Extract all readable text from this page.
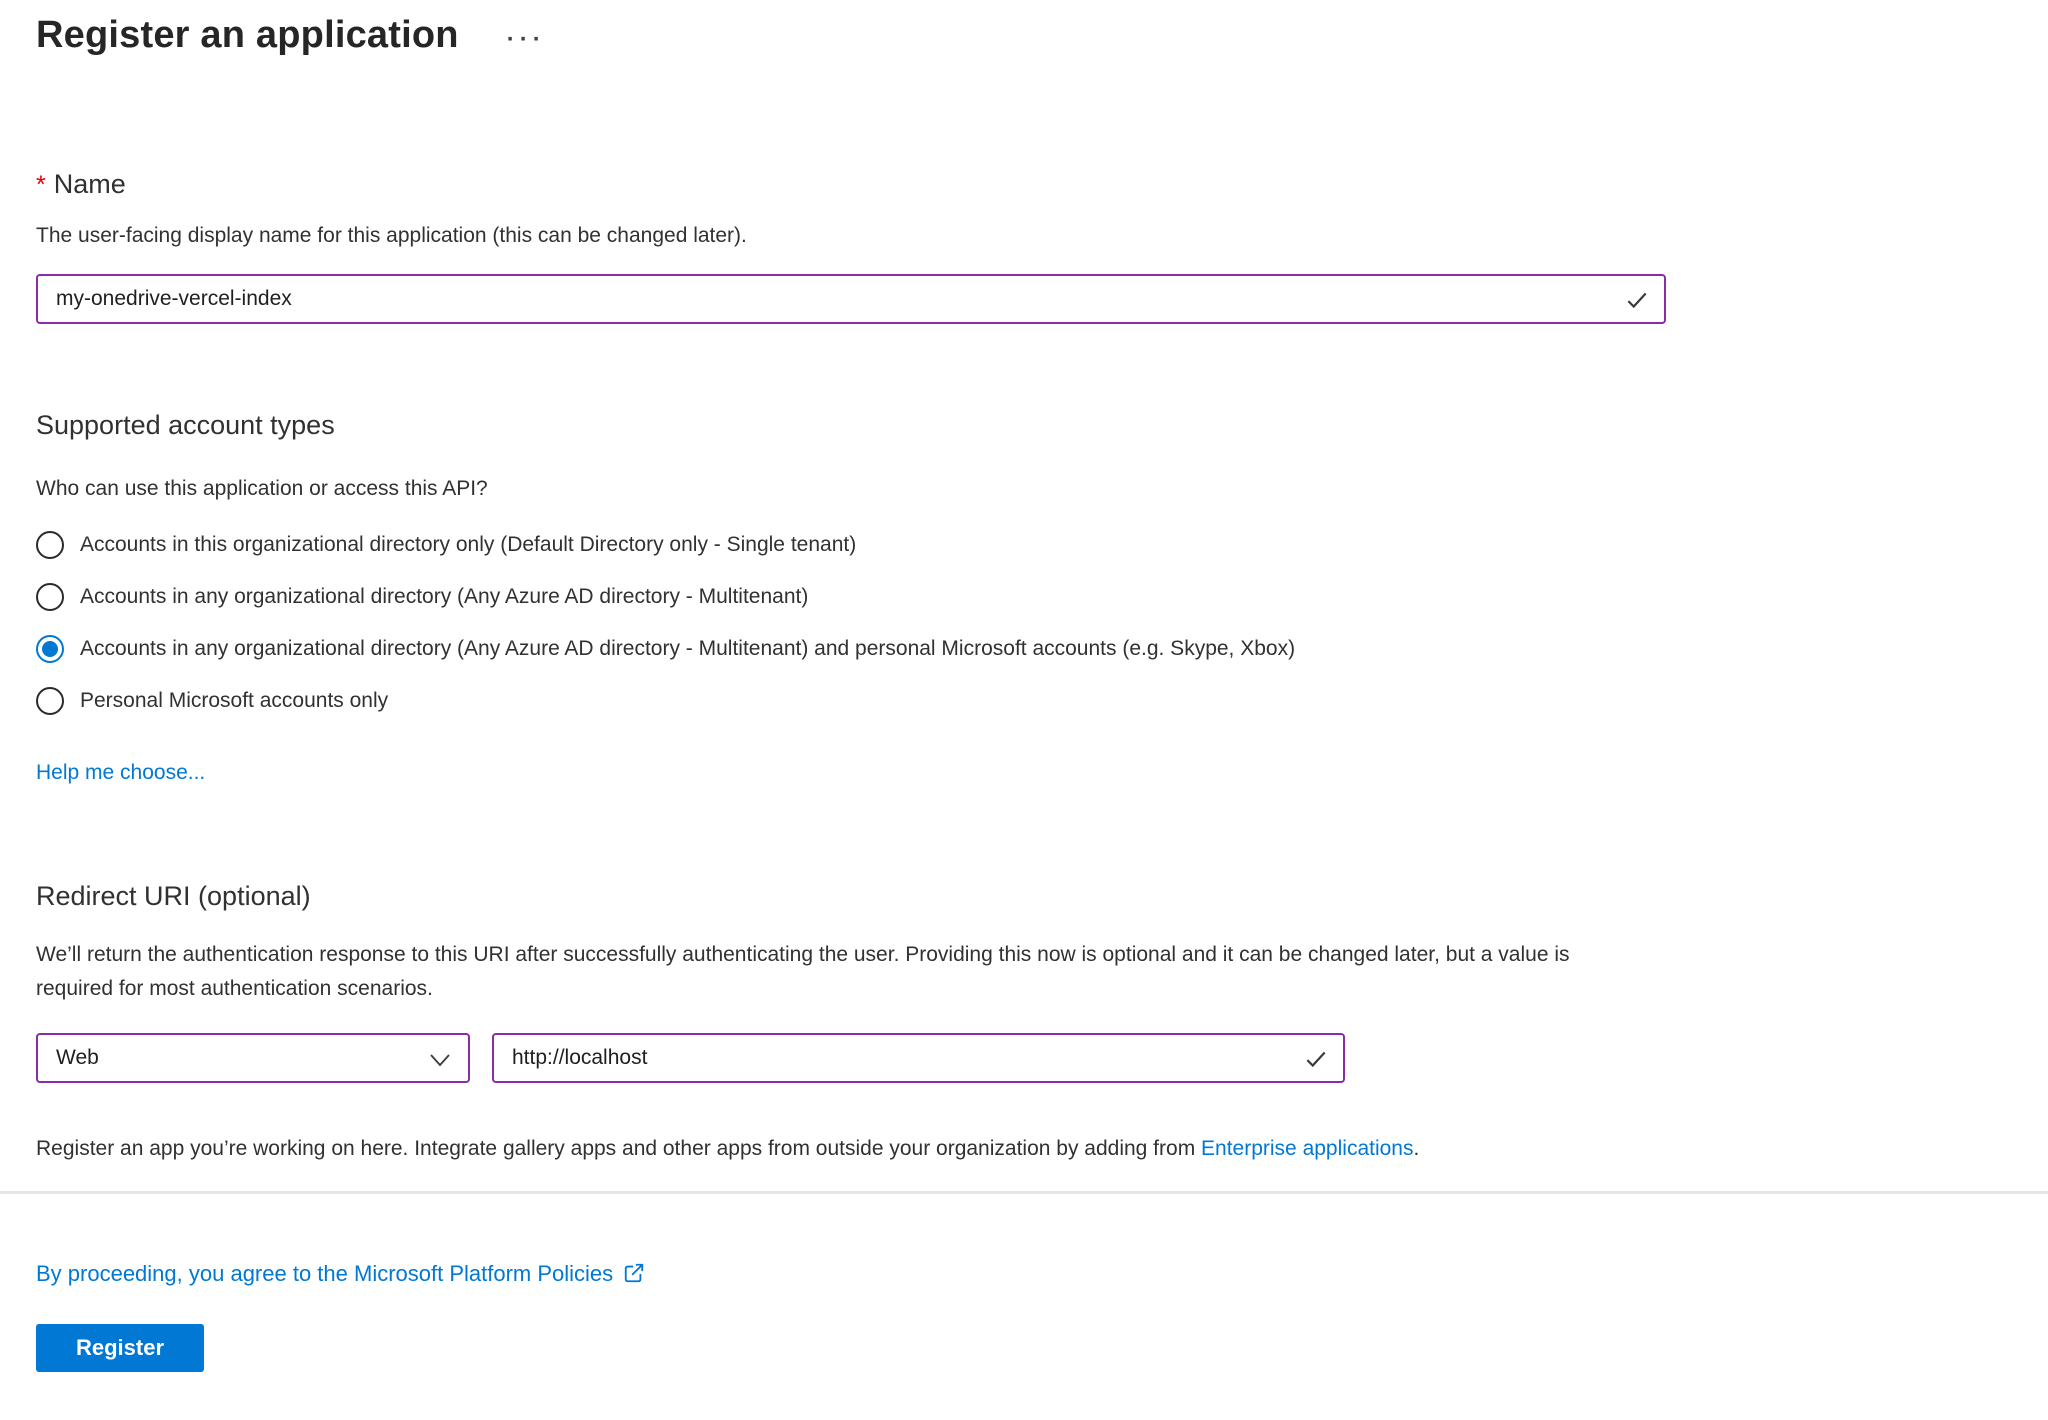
Register an application ···
* Name
The user-facing display name for this application (this can be changed later).
my-onedrive-vercel-index
Supported account types
Who can use this application or access this API?
Accounts in this organizational directory only (Default Directory only - Single tenant)
Accounts in any organizational directory (Any Azure AD directory - Multitenant)
Accounts in any organizational directory (Any Azure AD directory - Multitenant) and personal Microsoft accounts (e.g. Skype, Xbox)
Personal Microsoft accounts only
Help me choose...
Redirect URI (optional)
We’ll return the authentication response to this URI after successfully authenticating the user. Providing this now is optional and it can be changed later, but a value is required for most authentication scenarios.
Web
http://localhost
Register an app you’re working on here. Integrate gallery apps and other apps from outside your organization by adding from Enterprise applications.
By proceeding, you agree to the Microsoft Platform Policies
Register
